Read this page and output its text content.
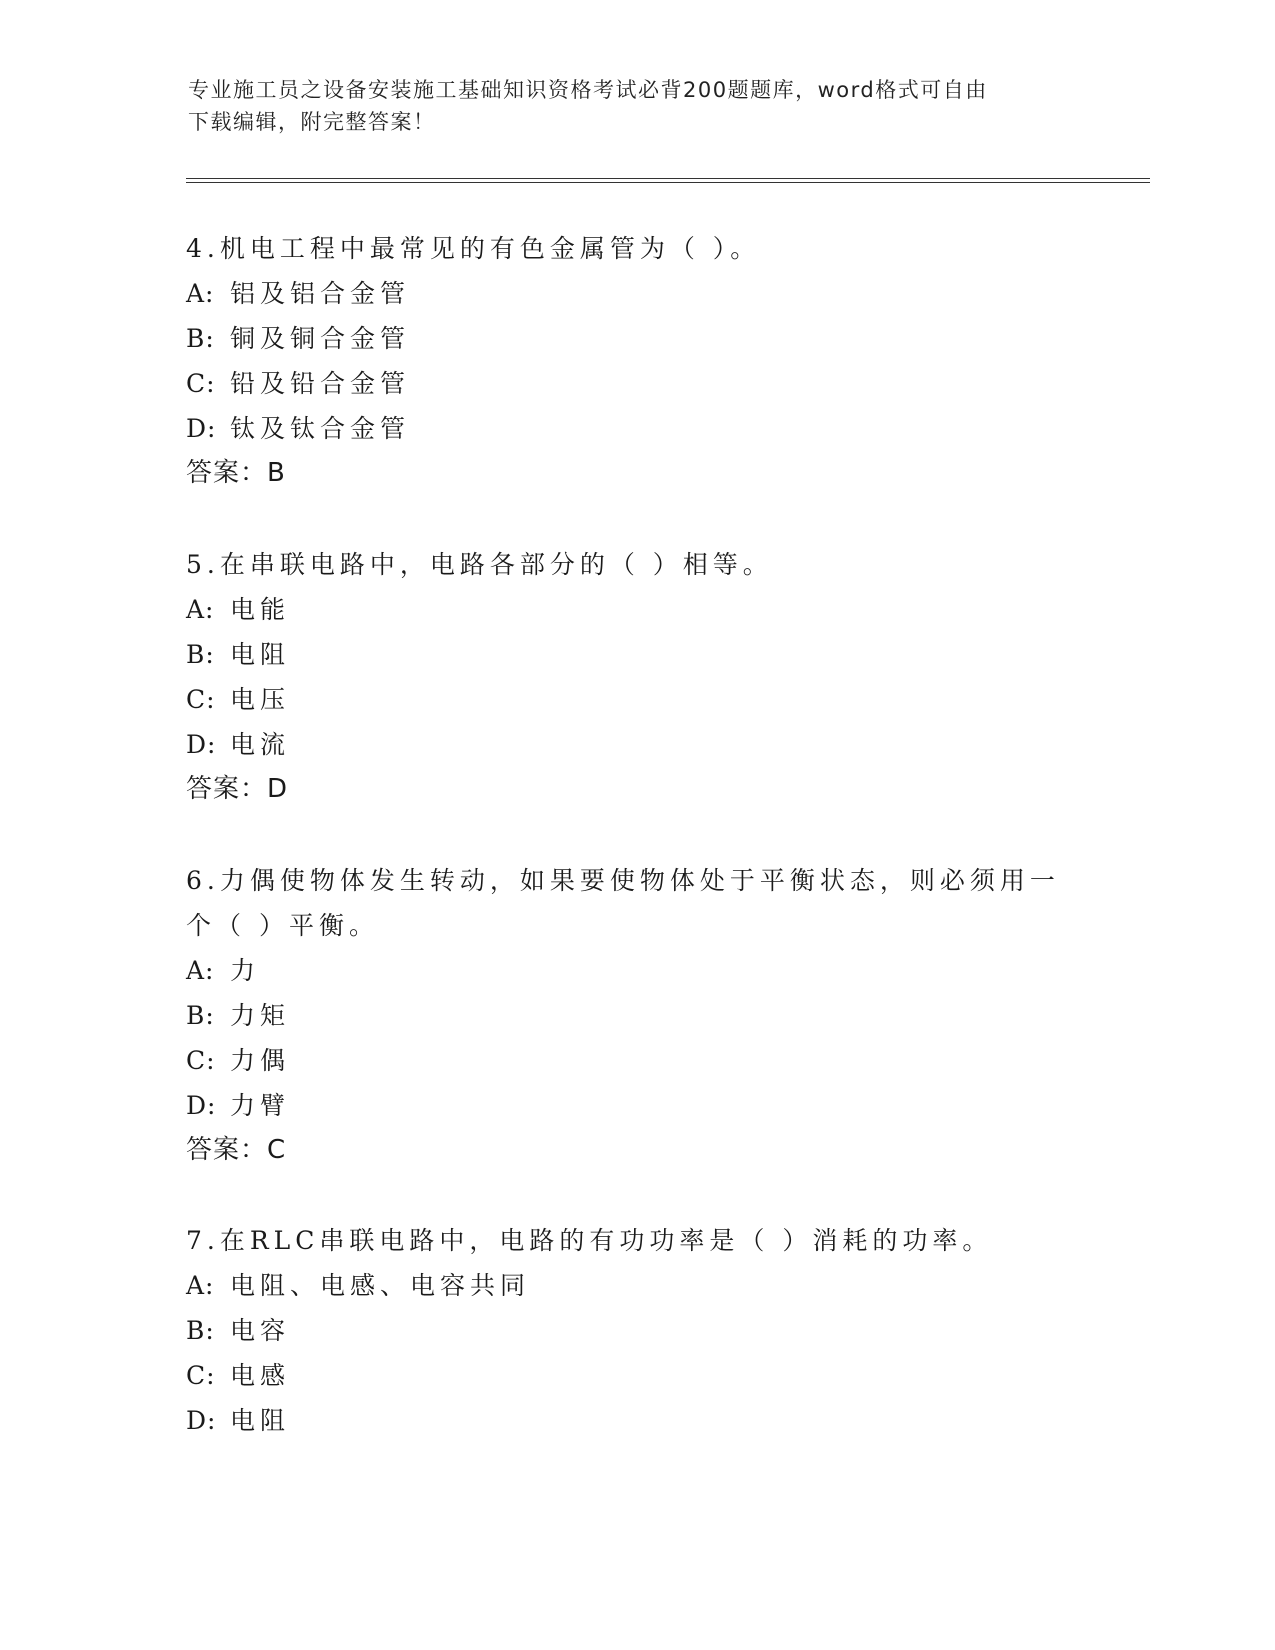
专业施工员之设备安装施工基础知识资格考试必背200题题库，word格式可自由
下载编辑，附完整答案！

4.机电工程中最常见的有色金属管为（ ）。

A: 铝及铝合金管
B: 铜及铜合金管
C: 铅及铅合金管
D: 钛及钛合金管
答案：B

5.在串联电路中，电路各部分的（ ）相等。

A: 电能
B: 电阻
C: 电压
D: 电流
答案：D

6.力偶使物体发生转动，如果要使物体处于平衡状态，则必须用一个（ ）平衡。

A: 力
B: 力矩
C: 力偶
D: 力臂
答案：C

7.在RLC串联电路中，电路的有功功率是（ ）消耗的功率。

A: 电阻、电感、电容共同
B: 电容
C: 电感
D: 电阻
